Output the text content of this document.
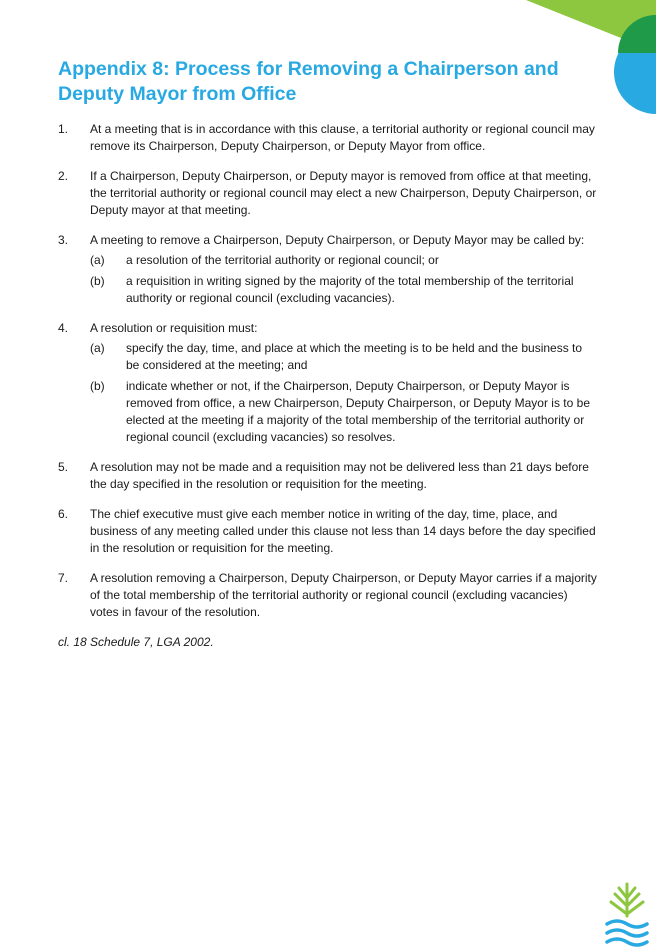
Appendix 8: Process for Removing a Chairperson and
Deputy Mayor from Office
1. At a meeting that is in accordance with this clause, a territorial authority or regional council may remove its Chairperson, Deputy Chairperson, or Deputy Mayor from office.
2. If a Chairperson, Deputy Chairperson, or Deputy mayor is removed from office at that meeting, the territorial authority or regional council may elect a new Chairperson, Deputy Chairperson, or Deputy mayor at that meeting.
3. A meeting to remove a Chairperson, Deputy Chairperson, or Deputy Mayor may be called by:
(a) a resolution of the territorial authority or regional council; or
(b) a requisition in writing signed by the majority of the total membership of the territorial authority or regional council (excluding vacancies).
4. A resolution or requisition must:
(a) specify the day, time, and place at which the meeting is to be held and the business to be considered at the meeting; and
(b) indicate whether or not, if the Chairperson, Deputy Chairperson, or Deputy Mayor is removed from office, a new Chairperson, Deputy Chairperson, or Deputy Mayor is to be elected at the meeting if a majority of the total membership of the territorial authority or regional council (excluding vacancies) so resolves.
5. A resolution may not be made and a requisition may not be delivered less than 21 days before the day specified in the resolution or requisition for the meeting.
6. The chief executive must give each member notice in writing of the day, time, place, and business of any meeting called under this clause not less than 14 days before the day specified in the resolution or requisition for the meeting.
7. A resolution removing a Chairperson, Deputy Chairperson, or Deputy Mayor carries if a majority of the total membership of the territorial authority or regional council (excluding vacancies) votes in favour of the resolution.
cl. 18 Schedule 7, LGA 2002.
